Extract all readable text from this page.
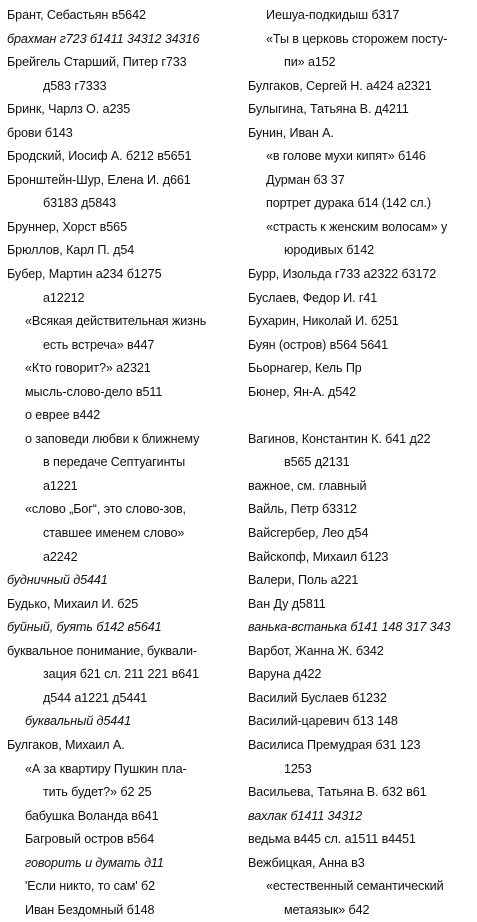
Брант, Себастьян в5642
брахман г723 б1411 34312 34316
Брейгель Старший, Питер г733
д583 г7333
Бринк, Чарлз О. а235
брови б143
Бродский, Иосиф А. б212 в5651
Бронштейн-Шур, Елена И. д661
б3183 д5843
Бруннер, Хорст в565
Брюллов, Карл П. д54
Бубер, Мартин а234 б1275
а12212
«Всякая действительная жизнь
есть встреча» в447
«Кто говорит?» а2321
мысль-слово-дело в511
о еврее в442
о заповеди любви к ближнему
в передаче Септуагинты
а1221
«слово „Бог“, это слово-зов,
ставшее именем слово»
а2242
будничный д5441
Будько, Михаил И. б25
буйный, буять б142 в5641
буквальное понимание, буквали-
зация б21 сл. 211 221 в641
д544 а1221 д5441
буквальный д5441
Булгаков, Михаил А.
«А за квартиру Пушкин пла-
тить будет?» б2 25
бабушка Воланда в641
Багровый остров в564
говорить и думать д11
'Если никто, то сам' б2
Иван Бездомный б148
Иешуа-подкидыш б317
«Ты в церковь сторожем посту-
пи» а152
Булгаков, Сергей Н. а424 а2321
Булыгина, Татьяна В. д4211
Бунин, Иван А.
«в голове мухи кипят» б146
Дурман б3 37
портрет дурака б14 (142 сл.)
«страсть к женским волосам» у
юродивых б142
Бурр, Изольда г733 а2322 б3172
Буслаев, Федор И. г41
Бухарин, Николай И. б251
Буян (остров) в564 5641
Бьорнагер, Кель Пр
Бюнер, Ян-А. д542
Вагинов, Константин К. б41 д22
в565 д2131
важное, см. главный
Вайль, Петр б3312
Вайсгербер, Лео д54
Вайскопф, Михаил б123
Валери, Поль а221
Ван Ду д5811
ванька-встанька б141 148 317 343
Варбот, Жанна Ж. б342
Варуна д422
Василий Буслаев б1232
Василий-царевич б13 148
Василиса Премудрая б31 123
1253
Васильева, Татьяна В. б32 в61
вахлак б1411 34312
ведьма в445 сл. а1511 в4451
Вежбицкая, Анна в3
«естественный семантический
метаязык» б42
